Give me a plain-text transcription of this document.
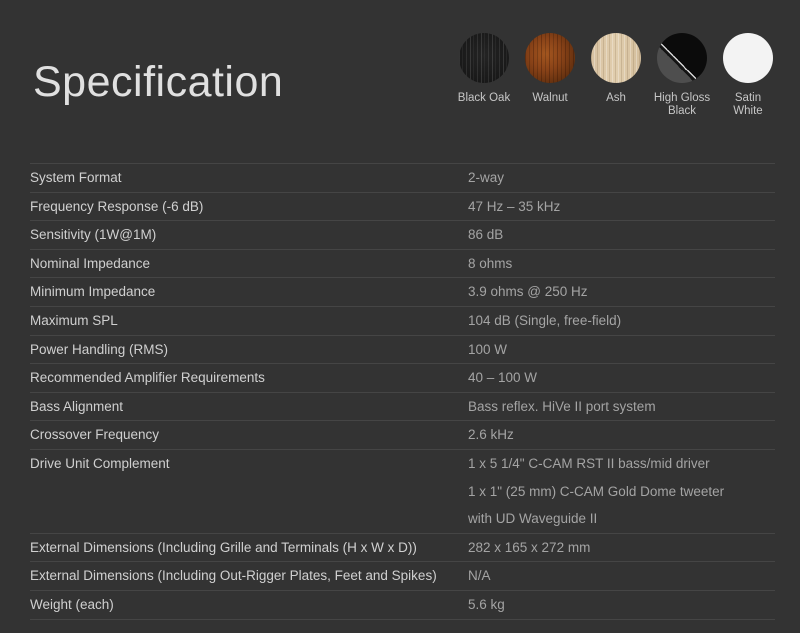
Specification	Black Oak Walnut	Ash High Gloss
Black
Satin
White
System Format	2-way
Frequency Response (-6 dB)	47 Hz – 35 kHz
Sensitivity (1W@1M)	86 dB
Nominal Impedance	8 ohms
Minimum Impedance	3.9 ohms @ 250 Hz
Maximum SPL	104 dB (Single, free-field)
Power Handling (RMS)	100 W
Recommended Amplifier Requirements	40 – 100 W
Bass Alignment	Bass reflex. HiVe II port system
Crossover Frequency	2.6 kHz
Drive Unit Complement	1 x 5 1/4" C-CAM RST II bass/mid driver
1 x 1" (25 mm) C-CAM Gold Dome tweeter
with UD Waveguide II
External Dimensions (Including Grille and Terminals (H x W x D))	282 x 165 x 272 mm
External Dimensions (Including Out-Rigger Plates, Feet and Spikes)	N/A
Weight (each)	5.6 kg
